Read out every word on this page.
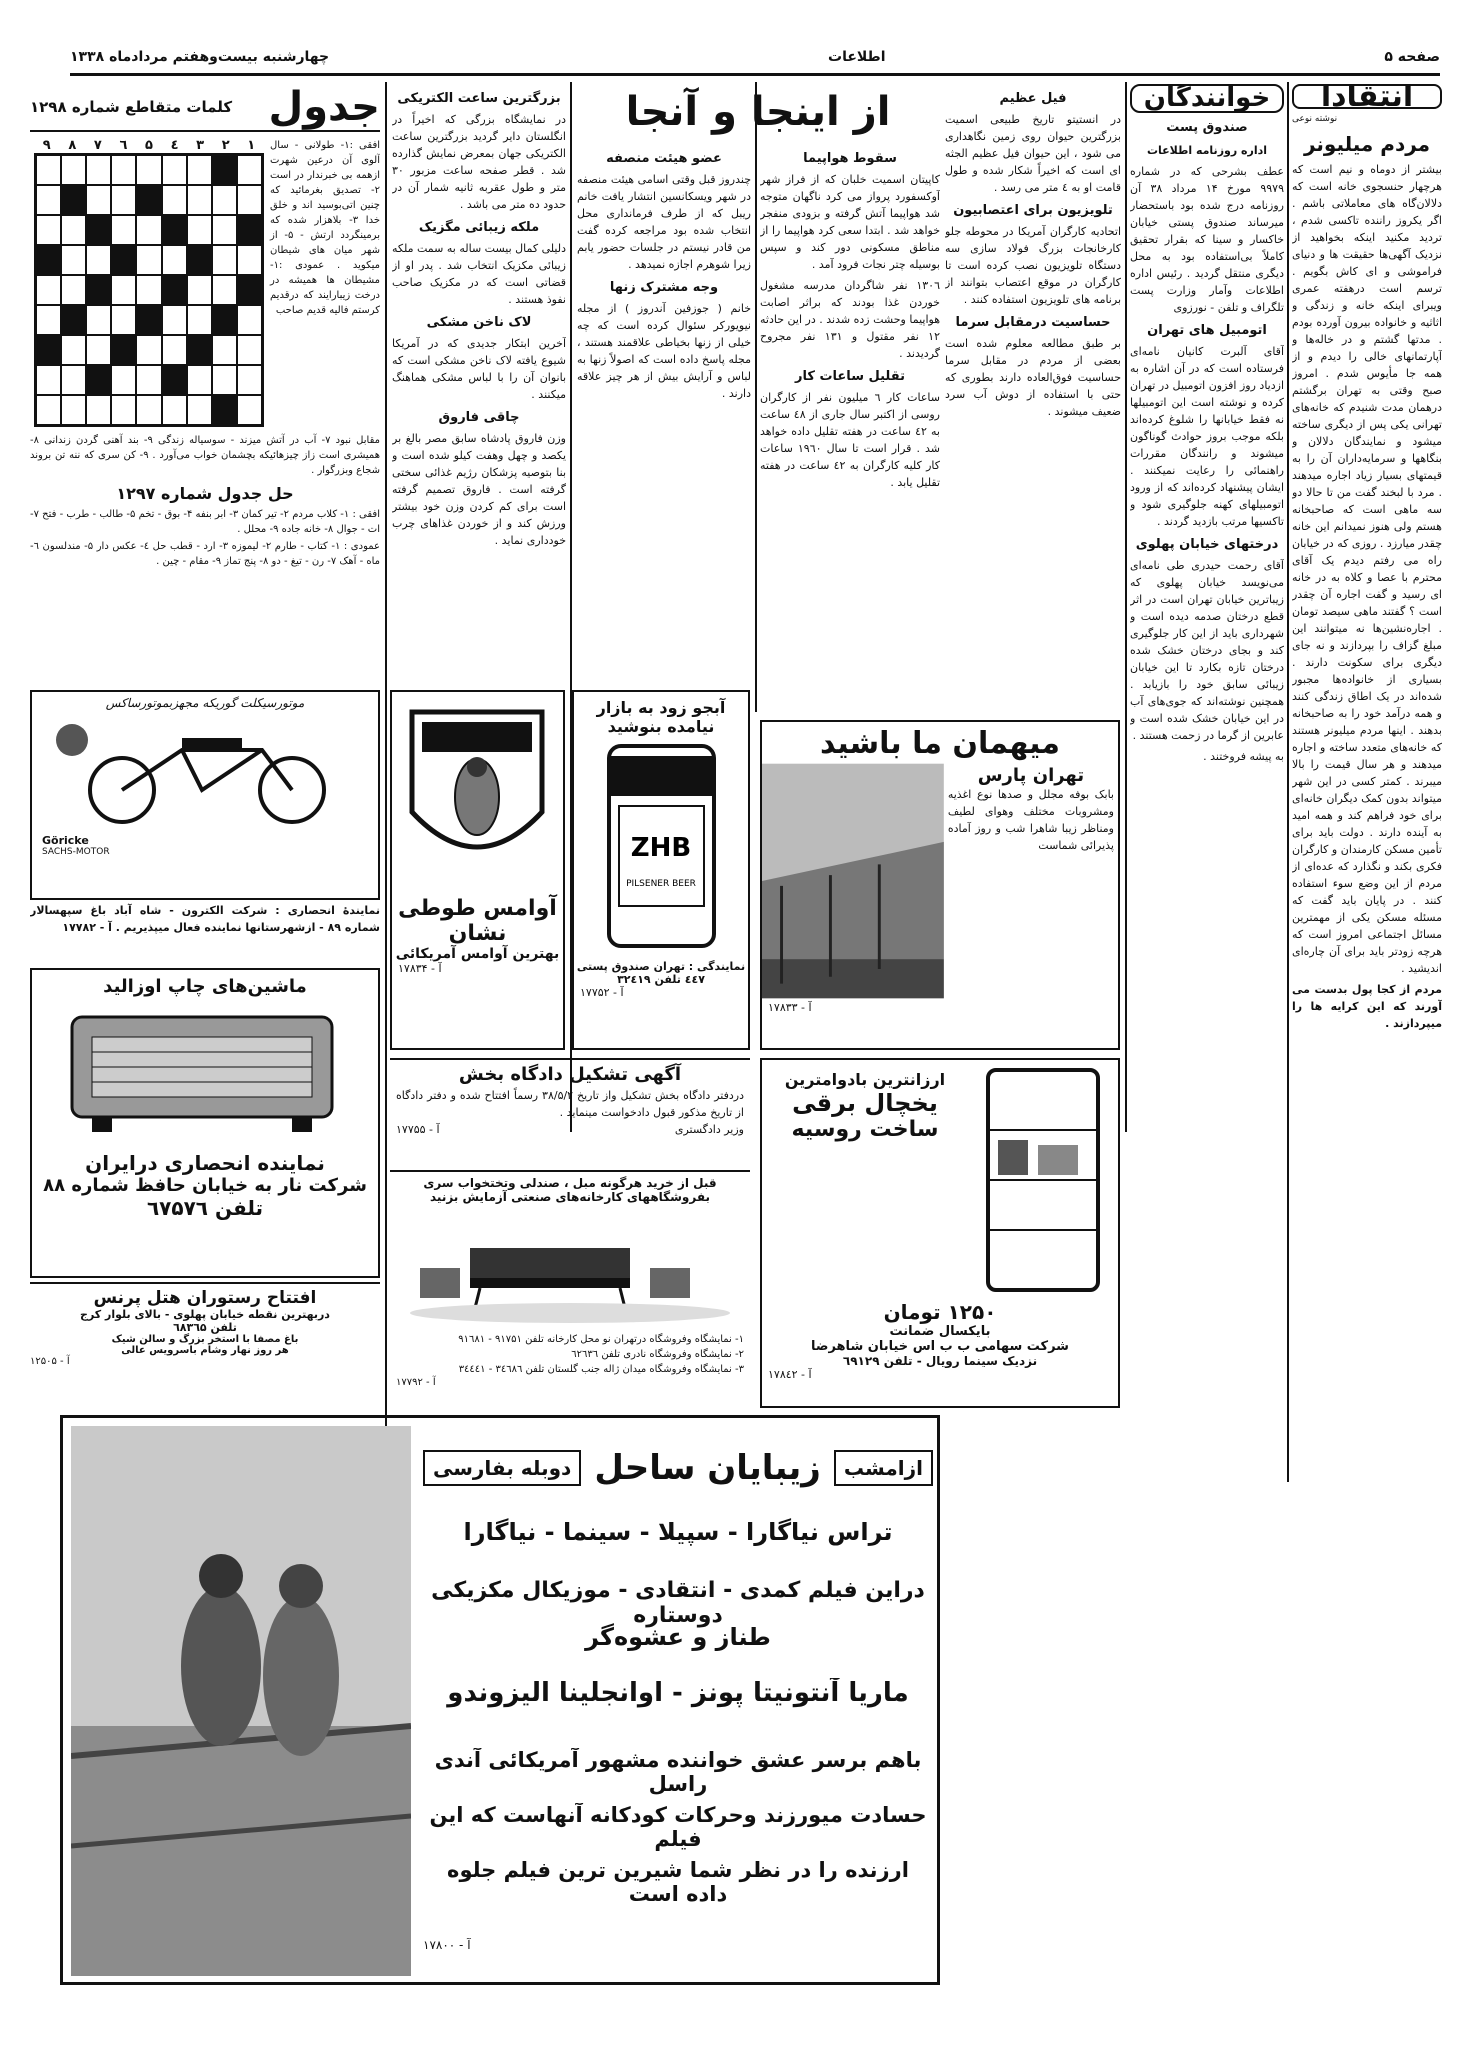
صفحه ۵
اطلاعات
چهارشنبه بیست‌وهفتم مردادماه ۱۳۳۸
انتقادا
نوشته نوعی
مردم میلیونر

بیشتر از دوماه و نیم است که هرچهار حنسجوی خانه است که دلالان‌گاه های معاملاتی باشم . اگر یکروز راننده تاکسی شدم ، تردید مکنید اینکه بخواهید از نزدیک آگهی‌ها حقیقت ها و دنیای فراموشی و ای کاش بگویم . ترسم است درهفته عمری ویبرای اینکه خانه و زندگی و اثاثیه و خانواده بیرون آورده بودم . مدتها گشتم و در خاله‌ها و آپارتمانهای خالی را دیدم و از همه جا مأیوس شدم . امروز صبح وقتی به تهران برگشتم درهمان مدت شنیدم که خانه‌های تهرانی یکی پس از دیگری ساخته میشود و نمایندگان دلالان و بنگاهها و سرمایه‌داران آن را به قیمتهای بسیار زیاد اجاره میدهند . مرد با لبخند گفت من تا حالا دو سه ماهی است که صاحبخانه هستم ولی هنوز نمیدانم این خانه چقدر میارزد . روزی که در خیابان راه می رفتم دیدم یک آقای محترم با عصا و کلاه به در خانه ای رسید و گفت اجاره آن چقدر است ؟ گفتند ماهی سیصد تومان . اجاره‌نشین‌ها نه میتوانند این مبلغ گزاف را بپردازند و نه جای دیگری برای سکونت دارند . بسیاری از خانواده‌ها مجبور شده‌اند در یک اطاق زندگی کنند و همه درآمد خود را به صاحبخانه بدهند . اینها مردم میلیونر هستند که خانه‌های متعدد ساخته و اجاره میدهند و هر سال قیمت را بالا میبرند . کمتر کسی در این شهر میتواند بدون کمک دیگران خانه‌ای برای خود فراهم کند و همه امید به آینده دارند . دولت باید برای تأمین مسکن کارمندان و کارگران فکری بکند و نگذارد که عده‌ای از مردم از این وضع سوء استفاده کنند . در پایان باید گفت که مسئله مسکن یکی از مهمترین مسائل اجتماعی امروز است که هرچه زودتر باید برای آن چاره‌ای اندیشید .

مردم از کجا پول بدست می آورند که این کرایه ها را میپردازند .

خوانندگان
صندوق پست
اداره روزنامه اطلاعات

عطف بشرحی که در شماره ۹۹۷۹ مورخ ۱۴ مرداد ۳۸ آن روزنامه درج شده بود باستحضار میرساند صندوق پستی خیابان خاکسار و سینا که بقرار تحقیق کاملاً بی‌استفاده بود به محل دیگری منتقل گردید . رئیس اداره اطلاعات وآمار وزارت پست تلگراف و تلفن - نورزوی

اتومبیل های تهران

آقای آلبرت کانیان نامه‌ای فرستاده است که در آن اشاره به ازدیاد روز افزون اتومبیل در تهران کرده و نوشته است این اتومبیلها نه فقط خیابانها را شلوغ کرده‌اند بلکه موجب بروز حوادث گوناگون میشوند و رانندگان مقررات راهنمائی را رعایت نمیکنند . ایشان پیشنهاد کرده‌اند که از ورود اتومبیلهای کهنه جلوگیری شود و تاکسیها مرتب بازدید گردند .

درختهای خیابان پهلوی

آقای رحمت حیدری طی نامه‌ای می‌نویسد خیابان پهلوی که زیباترین خیابان تهران است در اثر قطع درختان صدمه دیده است و شهرداری باید از این کار جلوگیری کند و بجای درختان خشک شده درختان تازه بکارد تا این خیابان زیبائی سابق خود را بازیابد . همچنین نوشته‌اند که جوی‌های آب در این خیابان خشک شده است و عابرین از گرما در زحمت هستند .

به پیشه فروختند .

فیل عظیم

در انستیتو تاریخ طبیعی اسمیت بزرگترین حیوان روی زمین نگاهداری می شود ، این حیوان فیل عظیم الجثه ای است که اخیراً شکار شده و طول قامت او به ٤ متر می رسد .

تلویزیون برای اعتصابیون

اتحادیه کارگران آمریکا در محوطه جلو کارخانجات بزرگ فولاد سازی سه دستگاه تلویزیون نصب کرده است تا کارگران در موقع اعتصاب بتوانند از برنامه های تلویزیون استفاده کنند .

حساسیت درمقابل سرما

بر طبق مطالعه معلوم شده است بعضی از مردم در مقابل سرما حساسیت فوق‌العاده دارند بطوری که حتی با استفاده از دوش آب سرد ضعیف میشوند .

از اینجا و آنجا
سقوط هواپیما

کاپیتان اسمیت خلبان که از فراز شهر آوکسفورد پرواز می کرد ناگهان متوجه شد هواپیما آتش گرفته و بزودی منفجر خواهد شد . ابتدا سعی کرد هواپیما را از مناطق مسکونی دور کند و سپس بوسیله چتر نجات فرود آمد .

۱۳۰٦ نفر شاگردان مدرسه مشغول خوردن غذا بودند که براثر اصابت هواپیما وحشت زده شدند . در این حادثه ۱۲ نفر مقتول و ۱۳۱ نفر مجروح گردیدند .

تقلیل ساعات کار

ساعات کار ٦ میلیون نفر از کارگران روسی از اکتبر سال جاری از ٤٨ ساعت به ٤۲ ساعت در هفته تقلیل داده خواهد شد . قرار است تا سال ۱۹٦۰ ساعات کار کلیه کارگران به ٤۲ ساعت در هفته تقلیل یابد .

عضو هیئت منصفه

چندروز قبل وقتی اسامی هیئت منصفه در شهر ویسکانسین انتشار یافت خانم ریبل که از طرف فرمانداری محل انتخاب شده بود مراجعه کرده گفت من قادر نیستم در جلسات حضور یابم زیرا شوهرم اجازه نمیدهد .

وجه مشترک زنها

خانم ( جوزفین آندروز ) از مجله نیویورکر سئوال کرده است که چه خیلی از زنها بخیاطی علاقمند هستند ، مجله پاسخ داده است که اصولاً زنها به لباس و آرایش بیش از هر چیز علاقه دارند .

بزرگترین ساعت الکتریکی

در نمایشگاه بزرگی که اخیراً در انگلستان دایر گردید بزرگترین ساعت الکتریکی جهان بمعرض نمایش گذارده شد . قطر صفحه ساعت مزبور ۳۰ متر و طول عقربه ثانیه شمار آن در حدود ده متر می باشد .

ملکه زیبائی مگزیک

دلیلی کمال بیست ساله به سمت ملکه زیبائی مکزیک انتخاب شد . پدر او از قضاتی است که در مکزیک صاحب نفوذ هستند .

لاک ناخن مشکی

آخرین ابتکار جدیدی که در آمریکا شیوع یافته لاک ناخن مشکی است که بانوان آن را با لباس مشکی هماهنگ میکنند .

چاقی فاروق

وزن فاروق پادشاه سابق مصر بالغ بر یکصد و چهل وهفت کیلو شده است و بنا بتوصیه پزشکان رژیم غذائی سختی گرفته است . فاروق تصمیم گرفته است برای کم کردن وزن خود بیشتر ورزش کند و از خوردن غذاهای چرب خودداری نماید .

جدول
کلمات متقاطع شماره ۱۲۹۸
افقی :۱- طولانی - سال آلوی آن درعین شهرت ازهمه بی خبرندار در است ۲- تصدیق بغرمائید که چنین اتی‌بوسید اند و خلق خدا ۳- بلاهزار شده که برمینگردد ارتش - ۵- از شهر میان های شیطان میکوید . عمودی :۱- مشیطان ها همیشه در درخت زیبارایند که درقدیم کرستم فالیه قدیم صاحب
۹	۸	۷	٦	۵	٤	۳	۲	۱

مقابل نبود ۷- آب در آتش میزند - سوسیاله زندگی ۹- بند آهنی گردن زندانی ۸- همیشری است زاز چیزهائیکه بچشمان خواب می‌آورد . ۹- کن سری که ننه تن بروند شجاع وبزرگوار .

حل جدول شماره ۱۲۹۷

افقی : ۱- کلاب مردم ۲- تیر کمان ۳- ابر بنفه ۴- بوق - تخم ۵- طالب - طرب - فتح ۷- ات - جوال ۸- خانه جاده ۹- محلل .

عمودی : ۱- کتاب - طارم ۲- لیموزه ۳- ارد - قطب حل ٤- عکس دار ۵- مندلسون ٦- ماه - آهک ۷- رن - تیغ - دو ۸- پنج تماز ۹- مقام - چین .

موتورسیکلت گوریکه مجهزبموتورساکس
Göricke
SACHS-MOTOR
نمایندهٔ انحصاری : شرکت الکترون - شاه آباد باغ سپهسالار شماره ۸۹ - ازشهرستانها نماینده فعال میپذیریم . آ - ۱۷۷۸۲
ماشین‌های چاپ اوزالید
نماینده انحصاری درایران
شرکت نار به خیابان حافظ شماره ۸۸
تلفن ٦۷۵۷٦
افتتاح رستوران هتل پرنس
دربهترین نقطه خیابان پهلوی - بالای بلوار کرج
تلفن ٦۸۳٦۵
باغ مصفا با استخر بزرگ و سالن شیک
هر روز نهار وشام باسرویس عالی
آ - ۱۲۵۰۵
آوامس طوطی نشان
بهترین آوامس آمریکائی
آ - ۱۷۸۳۴
آبجو زود به بازار نیامده بنوشید
ZHB
PILSENER BEER
نمایندگی : تهران صندوق پستی ٤٤۷ تلفن ۳۲٤۱۹
آ - ۱۷۷۵۲
میهمان ما باشید
تهران پارس
بابک بوفه مجلل و صدها نوع اغذیه ومشروبات مختلف وهوای لطیف ومناظر زیبا شاهرا شب و روز آماده پذیرائی شماست
آ - ۱۷۸۳۳
آگهی تشکیل دادگاه بخش

دردفتر دادگاه بخش تشکیل واز تاریخ ۳۸/۵/۲ رسماً افتتاح شده و دفتر دادگاه از تاریخ مذکور قبول دادخواست مینماید .

وزیر دادگستری
آ - ۱۷۷۵۵
قبل از خرید هرگونه مبل ، صندلی وتختخواب سری بفروشگاههای کارخانه‌های صنعتی آزمایش بزنید
۱- نمایشگاه وفروشگاه درتهران نو محل کارخانه تلفن ۹۱۷۵۱ - ۹۱٦۸۱
۲- نمایشگاه وفروشگاه نادری تلفن ٦۲٦۳٦
۳- نمایشگاه وفروشگاه میدان ژاله جنب گلستان تلفن ۳٤٦۸٦ - ۳٤٤٤۱
آ - ۱۷۷۹۲
ارزانترین بادوامترین
یخچال برقی
ساخت روسیه
۱۲۵۰ تومان
بایکسال ضمانت
شرکت سهامی ب ب اس خیابان شاهرضا
نزدیک سینما رویال - تلفن ٦۹۱۲۹
آ - ۱۷۸٤۲
ازامشب
زیبایان ساحل
دوبله بفارسی
تراس نیاگارا - سپیلا - سینما - نیاگارا
دراین فیلم کمدی - انتقادی - موزیکال مکزیکی دوستاره
طناز و عشوه‌گر
ماریا آنتونیتا پونز - اوانجلینا الیزوندو
باهم برسر عشق خواننده مشهور آمریکائی آندی راسل
حسادت میورزند وحرکات کودکانه آنهاست که این فیلم
ارزنده را در نظر شما شیرین ترین فیلم جلوه داده است
آ - ۱۷۸۰۰
